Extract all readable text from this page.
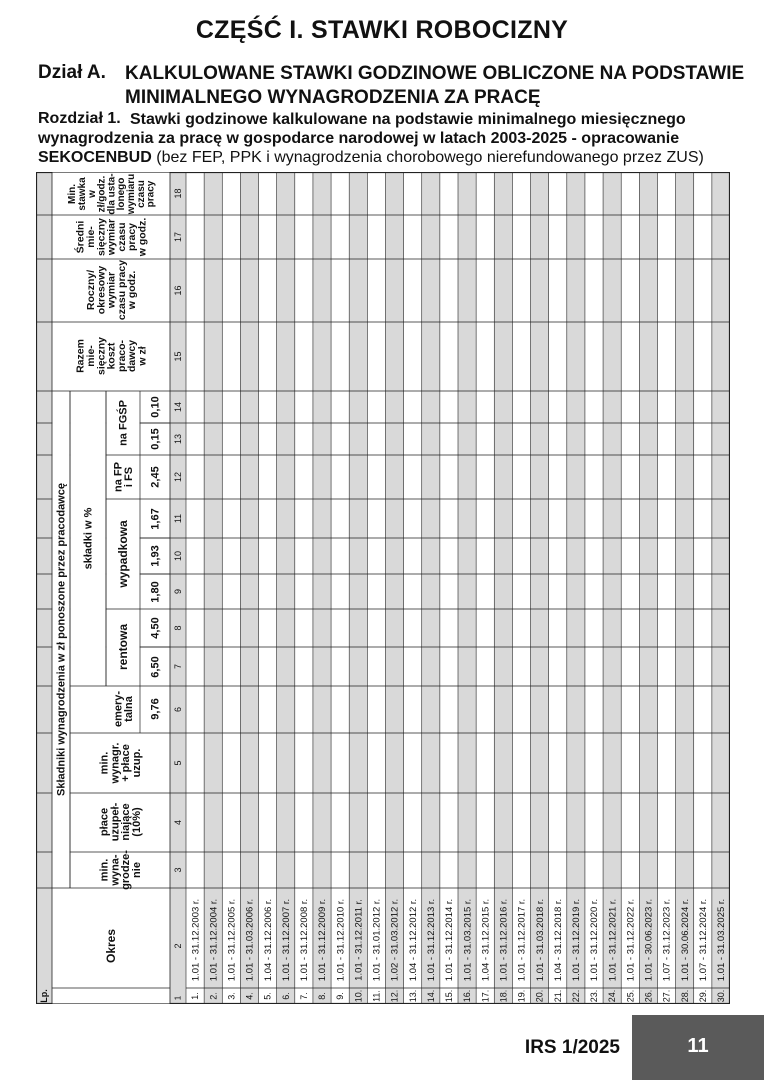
CZĘŚĆ I. STAWKI ROBOCIZNY
Dział A. KALKULOWANE STAWKI GODZINOWE OBLICZONE NA PODSTAWIE MINIMALNEGO WYNAGRODZENIA ZA PRACĘ
Stawki godzinowe kalkulowane na podstawie minimalnego miesięcznego wynagrodzenia za pracę w gospodarce narodowej w latach 2003-2025 - opracowanie SEKOCENBUD (bez FEP, PPK i wynagrodzenia chorobowego nierefundowanego przez ZUS)
Rozdział 1.
Składniki wynagrodzenia w zł ponoszone przez pracodawcę składki w %
na FGŚP
na FP
i FS
wypadkowa
rentowa
emery-
talna
min.
wynagr.
+ płace
uzup.
płace
uzupeł-
niające
(10%)
min.
wyna-
grodze-
nie
Razem
mie-
sięczny
koszt
praco-
dawcy
w zł
Roczny/
okresowy
wymiar
czasu pracy
w godz.
Średni
mie-
sięczny
wymiar
czasu
pracy
w godz.
Min.
stawka
w
zł/godz.
dla usta-
lonego
wymiaru
czasu
pracy
Okres
0,15
0,10
2,45
1,80
1,93
1,67
6,50
4,50
9,76
Lp.
18
17
16
15
14
13
12
11
10
9
8
7
6
5
4
3
2
1 1.
1.01 - 31.12.2003 r.
2.
1.01 - 31.12.2004 r.
3.
1.01 - 31.12.2005 r.
4.
1.01 - 31.03.2006 r.
5.
1.04 - 31.12.2006 r.
6.
1.01 - 31.12.2007 r.
7.
1.01 - 31.12.2008 r.
8.
1.01 - 31.12.2009 r.
9.
1.01 - 31.12.2010 r.
10.
1.01 - 31.12.2011 r.
11.
1.01 - 31.01.2012 r.
12.
1.02 - 31.03.2012 r.
13.
1.04 - 31.12.2012 r.
14.
1.01 - 31.12.2013 r.
15.
1.01 - 31.12.2014 r.
16.
1.01 - 31.03.2015 r.
17.
1.04 - 31.12.2015 r.
18.
1.01 - 31.12.2016 r.
19.
1.01 - 31.12.2017 r.
20.
1.01 - 31.03.2018 r.
21.
1.04 - 31.12.2018 r.
22.
1.01 - 31.12.2019 r.
23.
1.01 - 31.12.2020 r.
24.
1.01 - 31.12.2021 r.
25.
1.01 - 31.12.2022 r.
26.
1.01 - 30.06.2023 r.
27.
1.07 - 31.12.2023 r.
28.
1.01 - 30.06.2024 r.
29.
1.07 - 31.12.2024 r.
30.
1.01 - 31.03.2025 r.
IRS 1/2025	11
